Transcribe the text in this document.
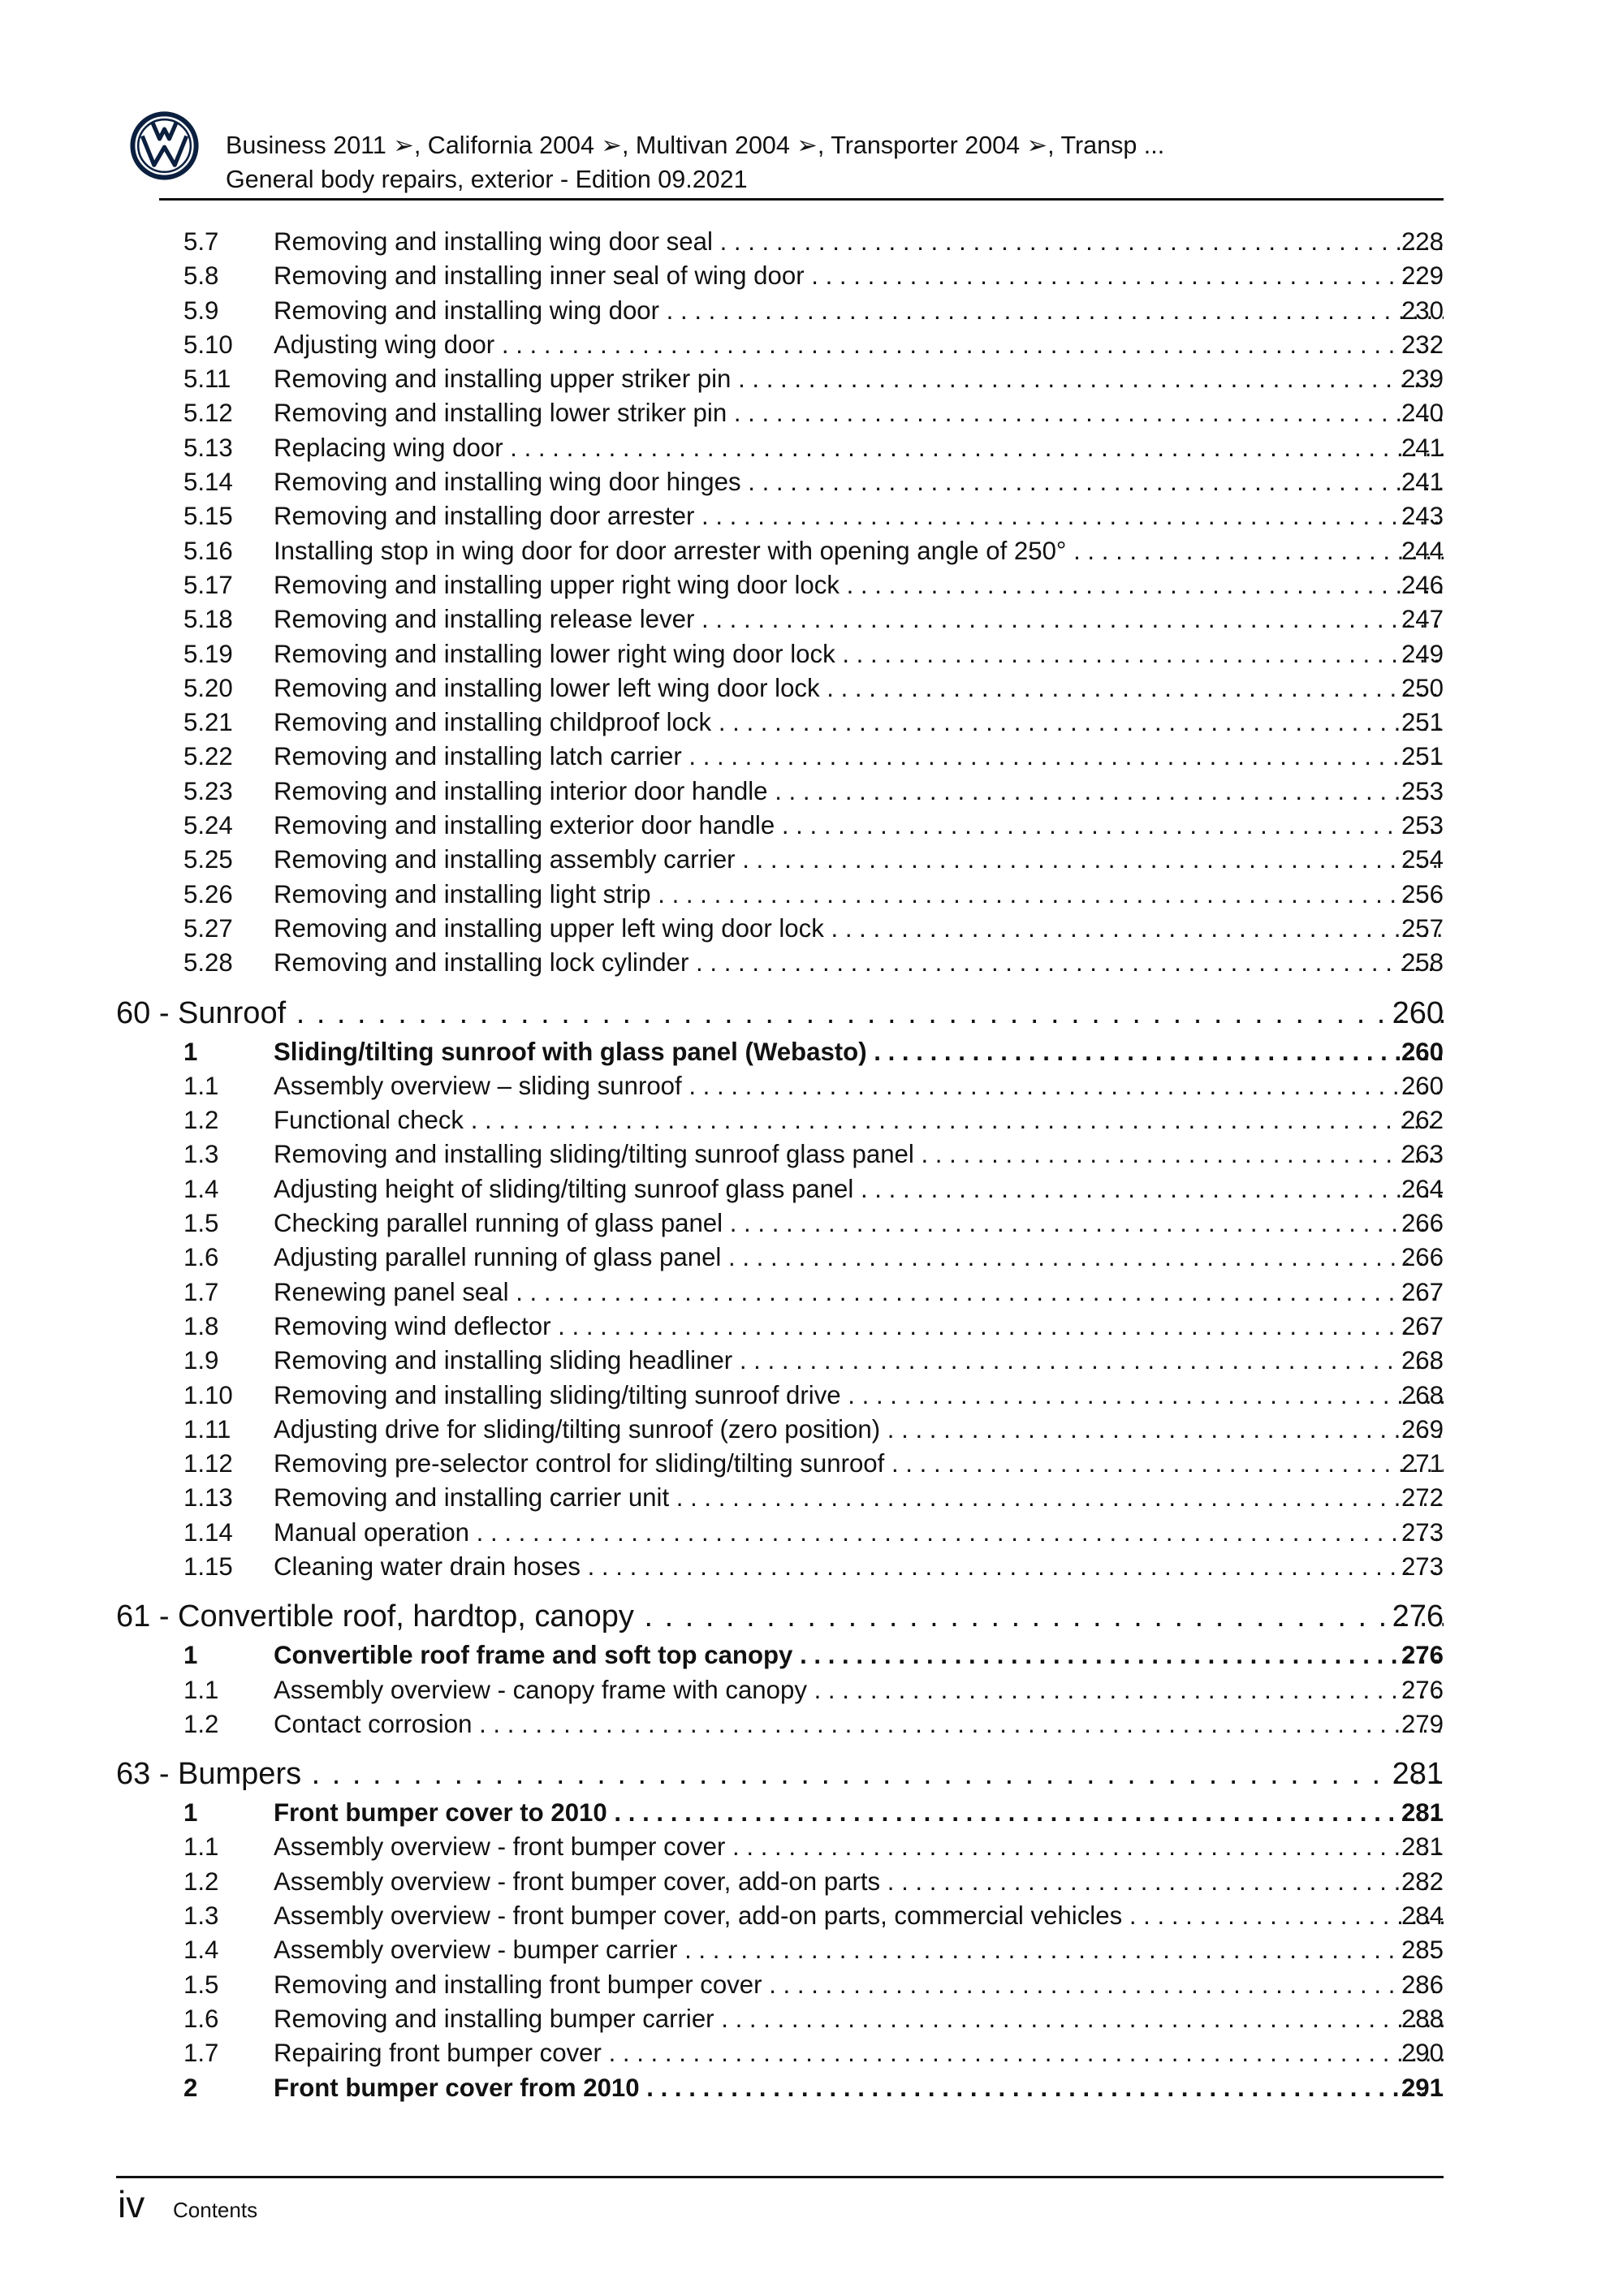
Business 2011 ➢, California 2004 ➢, Multivan 2004 ➢, Transporter 2004 ➢, Transp ...
General body repairs, exterior - Edition 09.2021
5.7 Removing and installing wing door seal . . .	228
5.8 Removing and installing inner seal of wing door . . .	229
5.9 Removing and installing wing door . . .	230
5.10 Adjusting wing door . . .	232
5.11 Removing and installing upper striker pin . . .	239
5.12 Removing and installing lower striker pin . . .	240
5.13 Replacing wing door . . .	241
5.14 Removing and installing wing door hinges . . .	241
5.15 Removing and installing door arrester . . .	243
5.16 Installing stop in wing door for door arrester with opening angle of 250° . . .	244
5.17 Removing and installing upper right wing door lock . . .	246
5.18 Removing and installing release lever . . .	247
5.19 Removing and installing lower right wing door lock . . .	249
5.20 Removing and installing lower left wing door lock . . .	250
5.21 Removing and installing childproof lock . . .	251
5.22 Removing and installing latch carrier . . .	251
5.23 Removing and installing interior door handle . . .	253
5.24 Removing and installing exterior door handle . . .	253
5.25 Removing and installing assembly carrier . . .	254
5.26 Removing and installing light strip . . .	256
5.27 Removing and installing upper left wing door lock . . .	257
5.28 Removing and installing lock cylinder . . .	258
60 - Sunroof . . .	260
1	Sliding/tilting sunroof with glass panel (Webasto) . . .	260
1.1 Assembly overview – sliding sunroof . . .	260
1.2 Functional check . . .	262
1.3 Removing and installing sliding/tilting sunroof glass panel . . .	263
1.4 Adjusting height of sliding/tilting sunroof glass panel . . .	264
1.5 Checking parallel running of glass panel . . .	266
1.6 Adjusting parallel running of glass panel . . .	266
1.7 Renewing panel seal . . .	267
1.8 Removing wind deflector . . .	267
1.9 Removing and installing sliding headliner . . .	268
1.10 Removing and installing sliding/tilting sunroof drive . . .	268
1.11 Adjusting drive for sliding/tilting sunroof (zero position) . . .	269
1.12 Removing pre-selector control for sliding/tilting sunroof . . .	271
1.13 Removing and installing carrier unit . . .	272
1.14 Manual operation . . .	273
1.15 Cleaning water drain hoses . . .	273
61 - Convertible roof, hardtop, canopy . . .	276
1	Convertible roof frame and soft top canopy . . .	276
1.1 Assembly overview - canopy frame with canopy . . .	276
1.2 Contact corrosion . . .	279
63 - Bumpers . . .	281
1	Front bumper cover to 2010 . . .	281
1.1 Assembly overview - front bumper cover . . .	281
1.2 Assembly overview - front bumper cover, add-on parts . . .	282
1.3 Assembly overview - front bumper cover, add-on parts, commercial vehicles . . .	284
1.4 Assembly overview - bumper carrier . . .	285
1.5 Removing and installing front bumper cover . . .	286
1.6 Removing and installing bumper carrier . . .	288
1.7 Repairing front bumper cover . . .	290
2	Front bumper cover from 2010 . . .	291
iv Contents
